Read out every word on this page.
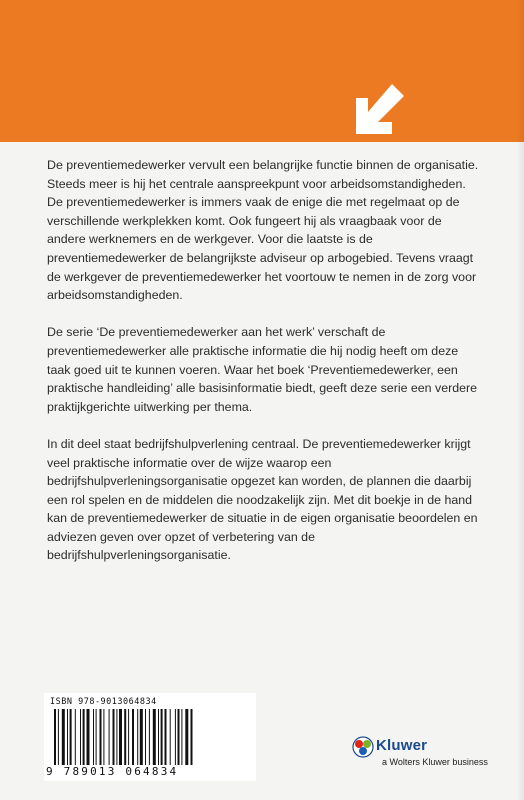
De preventiemedewerker vervult een belangrijke functie binnen de organisatie. Steeds meer is hij het centrale aanspreekpunt voor arbeidsomstandigheden. De preventiemedewerker is immers vaak de enige die met regelmaat op de verschillende werkplekken komt. Ook fungeert hij als vraagbaak voor de andere werknemers en de werkgever. Voor die laatste is de preventiemedewerker de belangrijkste adviseur op arbogebied. Tevens vraagt de werkgever de preventiemedewerker het voortouw te nemen in de zorg voor arbeidsomstandigheden.

De serie ‘De preventiemedewerker aan het werk’ verschaft de preventiemedewerker alle praktische informatie die hij nodig heeft om deze taak goed uit te kunnen voeren. Waar het boek ‘Preventiemedewerker, een praktische handleiding’ alle basisinformatie biedt, geeft deze serie een verdere praktijkgerichte uitwerking per thema.

In dit deel staat bedrijfshulpverlening centraal. De preventiemedewerker krijgt veel praktische informatie over de wijze waarop een bedrijfshulpverleningsorganisatie opgezet kan worden, de plannen die daarbij een rol spelen en de middelen die noodzakelijk zijn. Met dit boekje in de hand kan de preventiemedewerker de situatie in de eigen organisatie beoordelen en adviezen geven over opzet of verbetering van de bedrijfshulpverleningsorganisatie.

ISBN 978-9013064834
9 789013 064834
Kluwer
a Wolters Kluwer business
